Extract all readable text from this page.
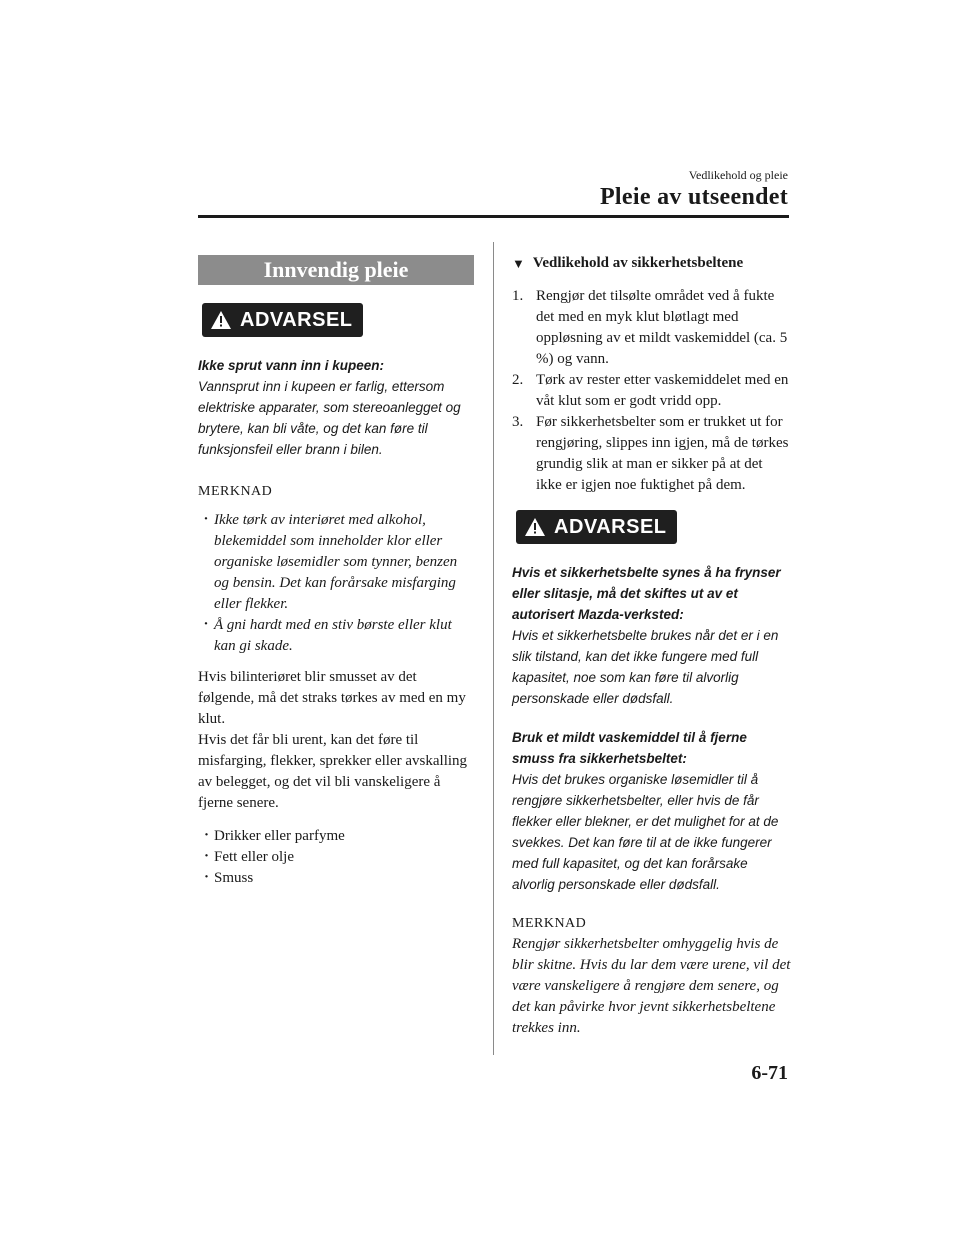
Vedlikehold og pleie
Pleie av utseendet
Innvendig pleie
ADVARSEL
Ikke sprut vann inn i kupeen:
Vannsprut inn i kupeen er farlig, ettersom elektriske apparater, som stereoanlegget og brytere, kan bli våte, og det kan føre til funksjonsfeil eller brann i bilen.
MERKNAD
· Ikke tørk av interiøret med alkohol, blekemiddel som inneholder klor eller organiske løsemidler som tynner, benzen og bensin. Det kan forårsake misfarging eller flekker.
· Å gni hardt med en stiv børste eller klut kan gi skade.
Hvis bilinteriøret blir smusset av det følgende, må det straks tørkes av med en my klut.
Hvis det får bli urent, kan det føre til misfarging, flekker, sprekker eller avskalling av belegget, og det vil bli vanskeligere å fjerne senere.
· Drikker eller parfyme
· Fett eller olje
· Smuss
▼ Vedlikehold av sikkerhetsbeltene
1. Rengjør det tilsølte området ved å fukte det med en myk klut bløtlagt med oppløsning av et mildt vaskemiddel (ca. 5 %) og vann.
2. Tørk av rester etter vaskemiddelet med en våt klut som er godt vridd opp.
3. Før sikkerhetsbelter som er trukket ut for rengjøring, slippes inn igjen, må de tørkes grundig slik at man er sikker på at det ikke er igjen noe fuktighet på dem.
ADVARSEL
Hvis et sikkerhetsbelte synes å ha frynser eller slitasje, må det skiftes ut av et autorisert Mazda-verksted:
Hvis et sikkerhetsbelte brukes når det er i en slik tilstand, kan det ikke fungere med full kapasitet, noe som kan føre til alvorlig personskade eller dødsfall.
Bruk et mildt vaskemiddel til å fjerne smuss fra sikkerhetsbeltet:
Hvis det brukes organiske løsemidler til å rengjøre sikkerhetsbelter, eller hvis de får flekker eller blekner, er det mulighet for at de svekkes. Det kan føre til at de ikke fungerer med full kapasitet, og det kan forårsake alvorlig personskade eller dødsfall.
MERKNAD
Rengjør sikkerhetsbelter omhyggelig hvis de blir skitne. Hvis du lar dem være urene, vil det være vanskeligere å rengjøre dem senere, og det kan påvirke hvor jevnt sikkerhetsbeltene trekkes inn.
6-71
